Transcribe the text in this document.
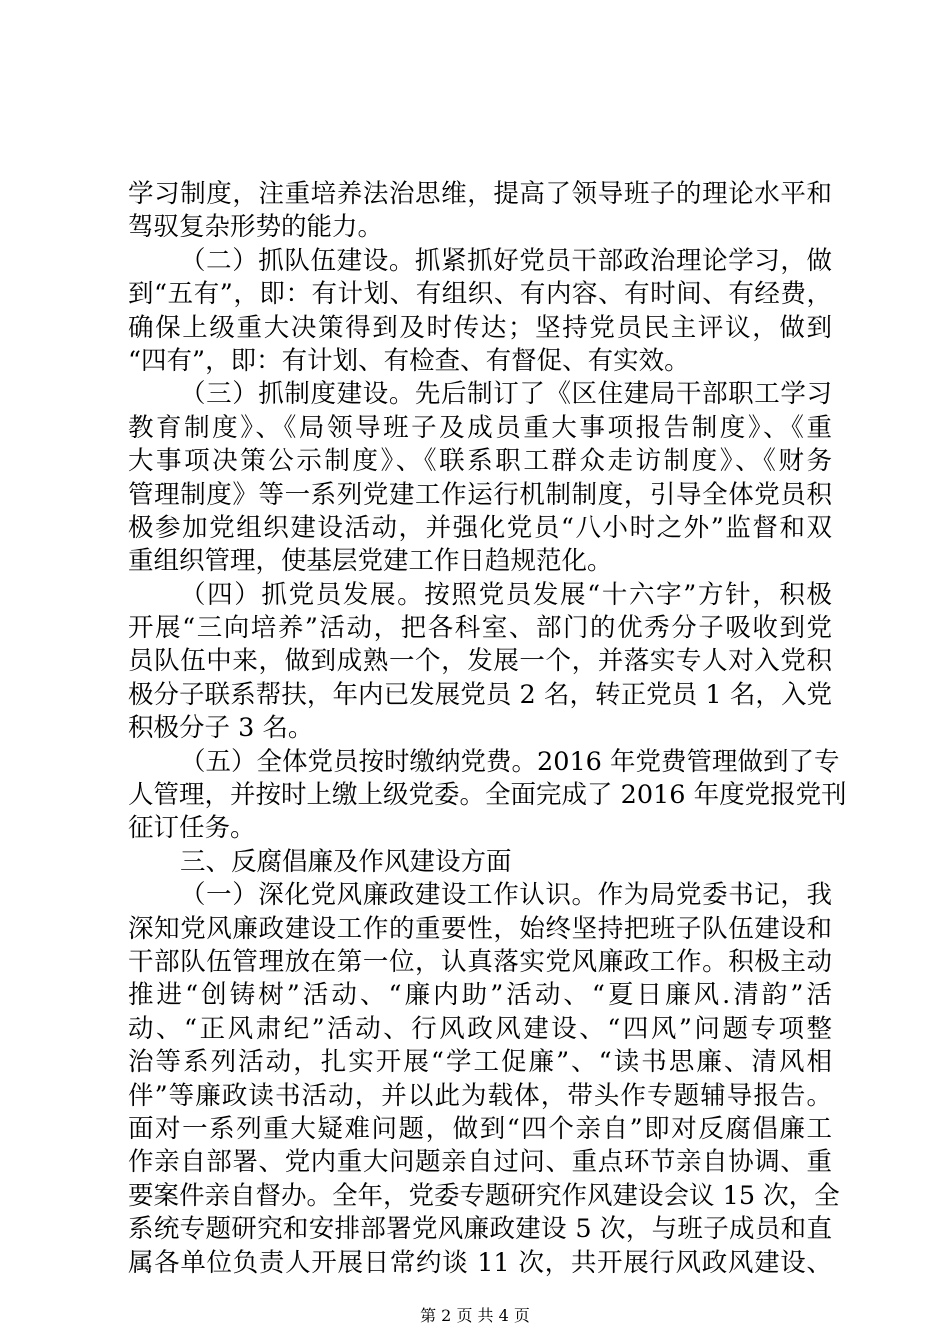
学习制度，注重培养法治思维，提高了领导班子的理论水平和
驾驭复杂形势的能力。
（二）抓队伍建设。抓紧抓好党员干部政治理论学习，做
到“五有”，即：有计划、有组织、有内容、有时间、有经费，
确保上级重大决策得到及时传达；坚持党员民主评议，做到
“四有”，即：有计划、有检查、有督促、有实效。
（三）抓制度建设。先后制订了《区住建局干部职工学习
教育制度》、《局领导班子及成员重大事项报告制度》、《重
大事项决策公示制度》、《联系职工群众走访制度》、《财务
管理制度》等一系列党建工作运行机制制度，引导全体党员积
极参加党组织建设活动，并强化党员“八小时之外”监督和双
重组织管理，使基层党建工作日趋规范化。
（四）抓党员发展。按照党员发展“十六字”方针，积极
开展“三向培养”活动，把各科室、部门的优秀分子吸收到党
员队伍中来，做到成熟一个，发展一个，并落实专人对入党积
极分子联系帮扶，年内已发展党员 2 名，转正党员 1 名，入党
积极分子 3 名。
（五）全体党员按时缴纳党费。2016 年党费管理做到了专
人管理，并按时上缴上级党委。全面完成了 2016 年度党报党刊
征订任务。
三、反腐倡廉及作风建设方面
（一）深化党风廉政建设工作认识。作为局党委书记，我
深知党风廉政建设工作的重要性，始终坚持把班子队伍建设和
干部队伍管理放在第一位，认真落实党风廉政工作。积极主动
推进“创铸树”活动、“廉内助”活动、“夏日廉风.清韵”活
动、“正风肃纪”活动、行风政风建设、“四风”问题专项整
治等系列活动，扎实开展“学工促廉”、“读书思廉、清风相
伴”等廉政读书活动，并以此为载体，带头作专题辅导报告。
面对一系列重大疑难问题，做到“四个亲自”即对反腐倡廉工
作亲自部署、党内重大问题亲自过问、重点环节亲自协调、重
要案件亲自督办。全年，党委专题研究作风建设会议 15 次，全
系统专题研究和安排部署党风廉政建设 5 次，与班子成员和直
属各单位负责人开展日常约谈 11 次，共开展行风政风建设、
第 2 页 共 4 页
